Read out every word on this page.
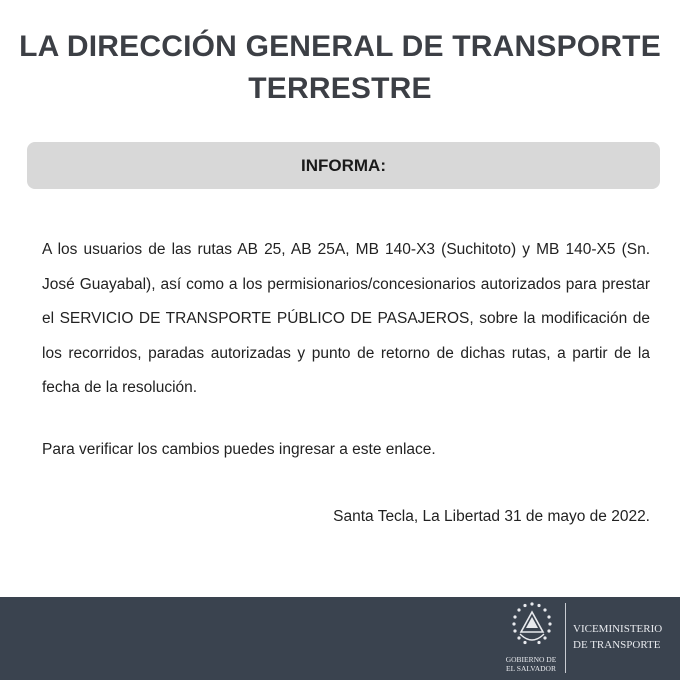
LA DIRECCIÓN GENERAL DE TRANSPORTE
TERRESTRE
INFORMA:
A los usuarios de las rutas AB 25, AB 25A, MB 140-X3 (Suchitoto) y MB 140-X5 (Sn. José Guayabal), así como a los permisionarios/concesionarios autorizados para prestar el SERVICIO DE TRANSPORTE PÚBLICO DE PASAJEROS, sobre la modificación de los recorridos, paradas autorizadas y punto de retorno de dichas rutas, a partir de la fecha de la resolución.
Para verificar los cambios puedes ingresar a este enlace.
Santa Tecla, La Libertad 31 de mayo de 2022.
GOBIERNO DE
EL SALVADOR
VICEMINISTERIO
DE TRANSPORTE
